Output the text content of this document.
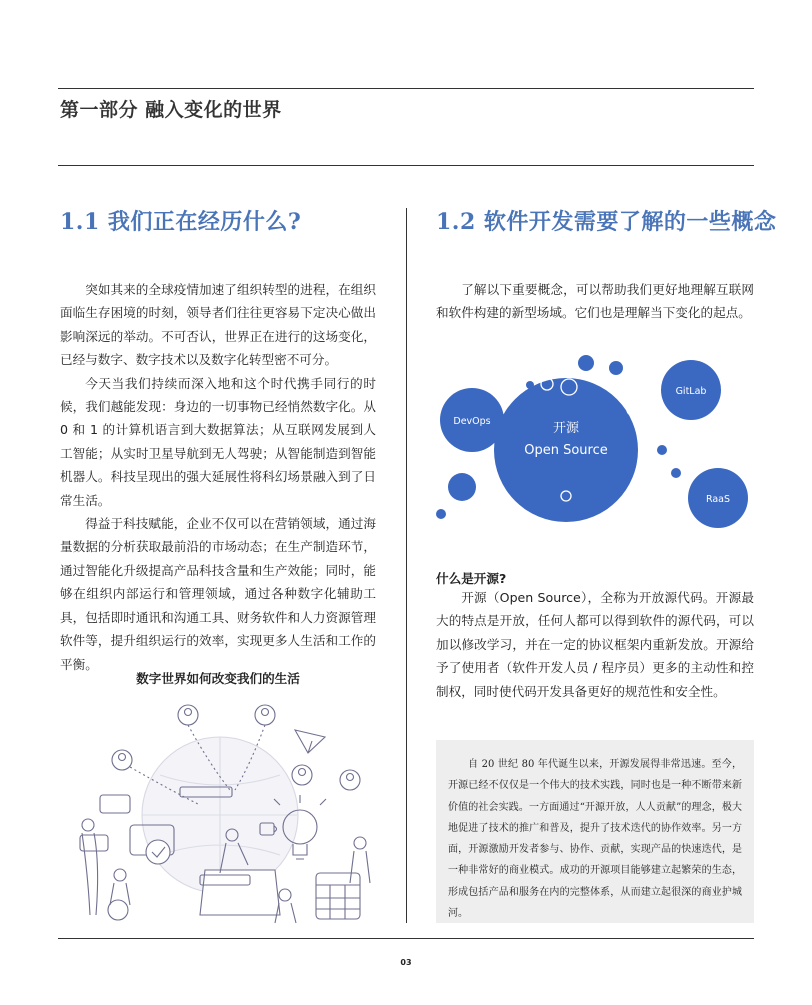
第一部分 融入变化的世界
1.1 我们正在经历什么?	1.2 软件开发需要了解的一些概念

突如其来的全球疫情加速了组织转型的进程，在组织面临生存困境的时刻，领导者们往往更容易下定决心做出影响深远的举动。不可否认，世界正在进行的这场变化，已经与数字、数字技术以及数字化转型密不可分。

今天当我们持续而深入地和这个时代携手同行的时候，我们越能发现：身边的一切事物已经悄然数字化。从 0 和 1 的计算机语言到大数据算法；从互联网发展到人工智能；从实时卫星导航到无人驾驶；从智能制造到智能机器人。科技呈现出的强大延展性将科幻场景融入到了日常生活。

得益于科技赋能，企业不仅可以在营销领域，通过海量数据的分析获取最前沿的市场动态；在生产制造环节，通过智能化升级提高产品科技含量和生产效能；同时，能够在组织内部运行和管理领域，通过各种数字化辅助工具，包括即时通讯和沟通工具、财务软件和人力资源管理软件等，提升组织运行的效率，实现更多人生活和工作的平衡。

数字世界如何改变我们的生活

了解以下重要概念，可以帮助我们更好地理解互联网和软件构建的新型场域。它们也是理解当下变化的起点。

开源
Open Source
DevOps
GitLab
RaaS
什么是开源?

开源（Open Source），全称为开放源代码。开源最大的特点是开放，任何人都可以得到软件的源代码，可以加以修改学习，并在一定的协议框架内重新发放。开源给予了使用者（软件开发人员 / 程序员）更多的主动性和控制权，同时使代码开发具备更好的规范性和安全性。

自 20 世纪 80 年代诞生以来，开源发展得非常迅速。至今，开源已经不仅仅是一个伟大的技术实践，同时也是一种不断带来新价值的社会实践。一方面通过“开源开放，人人贡献”的理念，极大地促进了技术的推广和普及，提升了技术迭代的协作效率。另一方面，开源激励开发者参与、协作、贡献，实现产品的快速迭代，是一种非常好的商业模式。成功的开源项目能够建立起繁荣的生态，形成包括产品和服务在内的完整体系，从而建立起很深的商业护城河。

03
